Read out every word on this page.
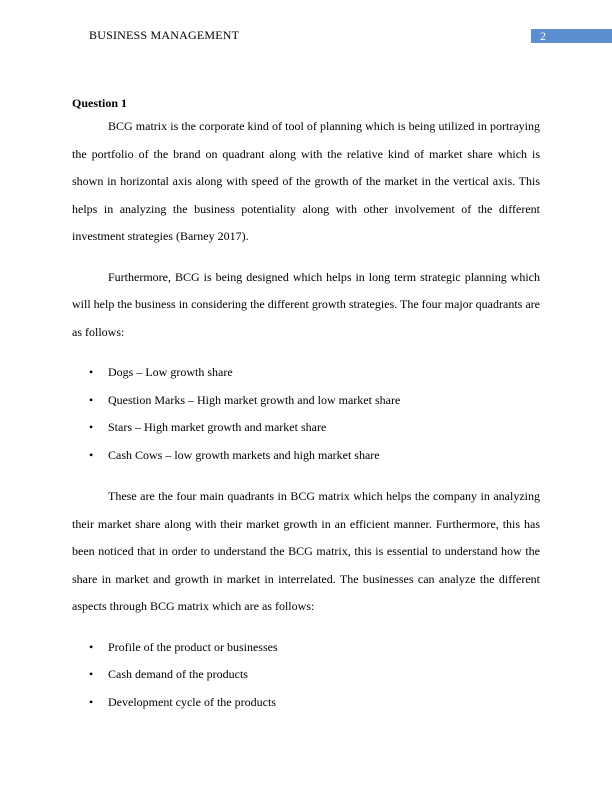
BUSINESS MANAGEMENT	2
Question 1

BCG matrix is the corporate kind of tool of planning which is being utilized in portraying the portfolio of the brand on quadrant along with the relative kind of market share which is shown in horizontal axis along with speed of the growth of the market in the vertical axis. This helps in analyzing the business potentiality along with other involvement of the different investment strategies (Barney 2017).

Furthermore, BCG is being designed which helps in long term strategic planning which will help the business in considering the different growth strategies. The four major quadrants are as follows:

• Dogs – Low growth share
• Question Marks – High market growth and low market share
• Stars – High market growth and market share
• Cash Cows – low growth markets and high market share

These are the four main quadrants in BCG matrix which helps the company in analyzing their market share along with their market growth in an efficient manner. Furthermore, this has been noticed that in order to understand the BCG matrix, this is essential to understand how the share in market and growth in market in interrelated. The businesses can analyze the different aspects through BCG matrix which are as follows:

• Profile of the product or businesses
• Cash demand of the products
• Development cycle of the products
